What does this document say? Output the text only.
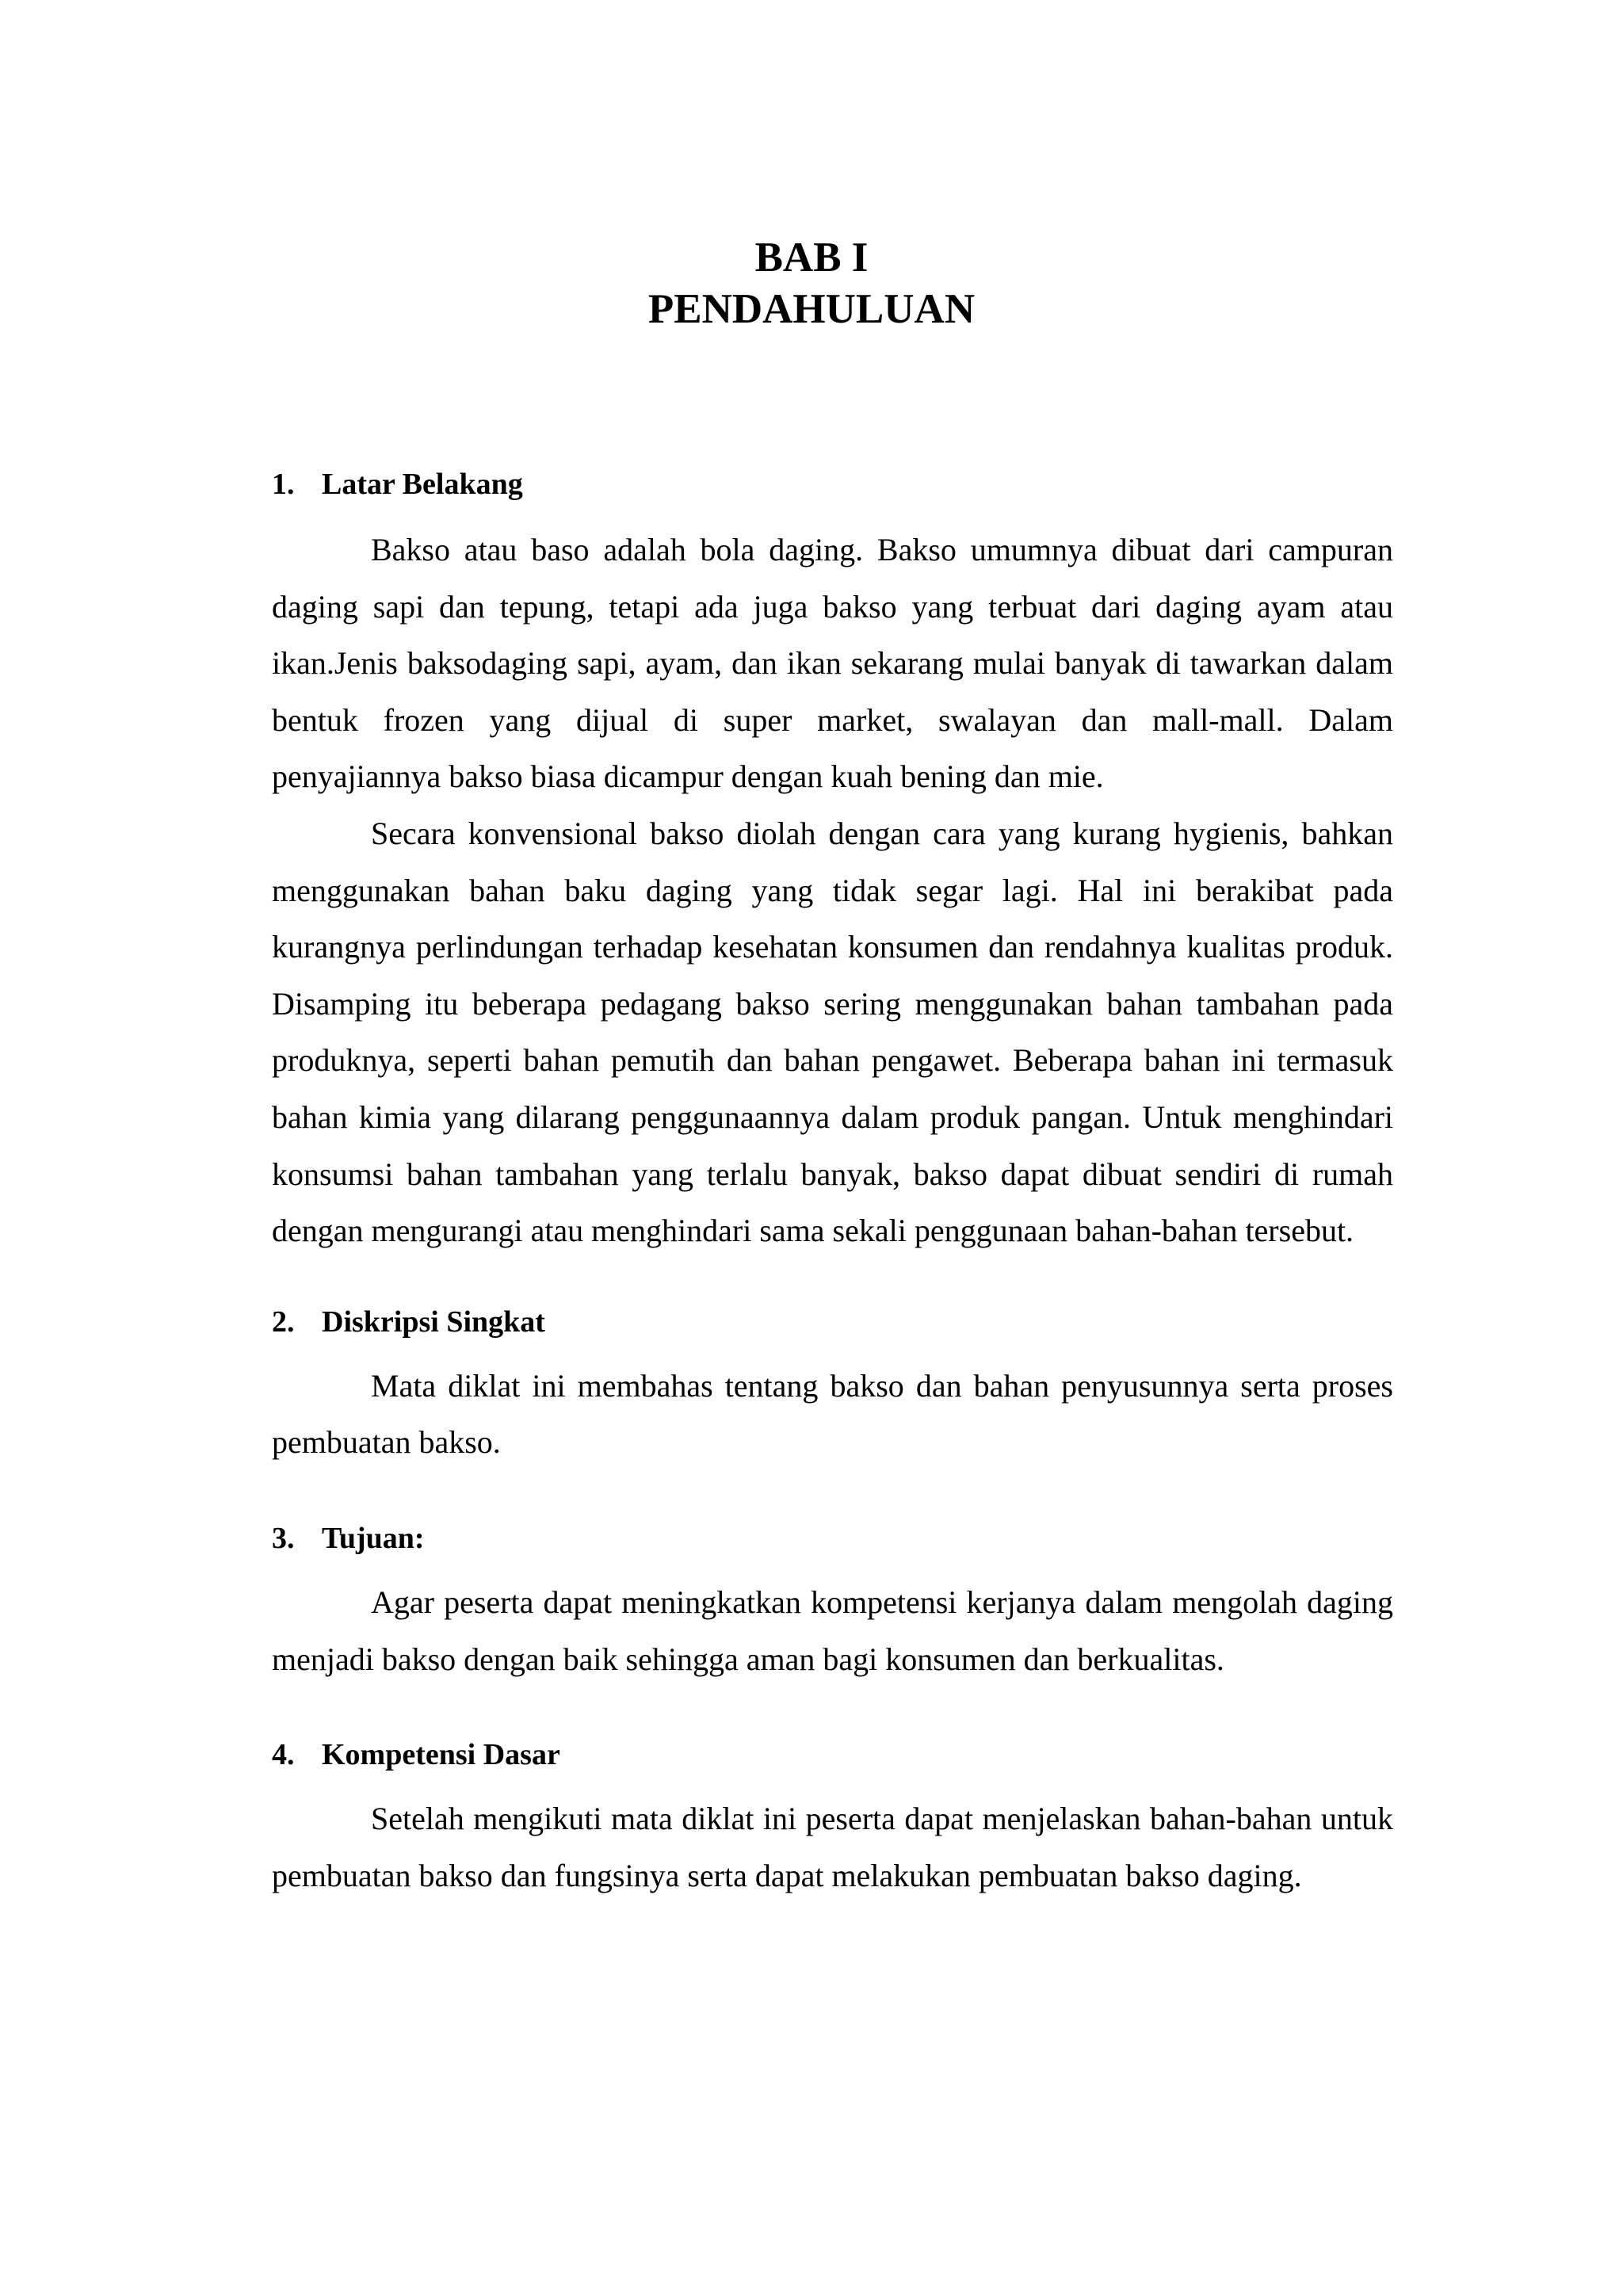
BAB I
PENDAHULUAN
1. Latar Belakang

Bakso atau baso adalah bola daging. Bakso umumnya dibuat dari campuran daging sapi dan tepung, tetapi ada juga bakso yang terbuat dari daging ayam atau ikan.Jenis baksodaging sapi, ayam, dan ikan sekarang mulai banyak di tawarkan dalam bentuk frozen yang dijual di super market, swalayan dan mall-mall. Dalam penyajiannya bakso biasa dicampur dengan kuah bening dan mie.

Secara konvensional bakso diolah dengan cara yang kurang hygienis, bahkan menggunakan bahan baku daging yang tidak segar lagi. Hal ini berakibat pada kurangnya perlindungan terhadap kesehatan konsumen dan rendahnya kualitas produk. Disamping itu beberapa pedagang bakso sering menggunakan bahan tambahan pada produknya, seperti bahan pemutih dan bahan pengawet. Beberapa bahan ini termasuk bahan kimia yang dilarang penggunaannya dalam produk pangan. Untuk menghindari konsumsi bahan tambahan yang terlalu banyak, bakso dapat dibuat sendiri di rumah dengan mengurangi atau menghindari sama sekali penggunaan bahan-bahan tersebut.

2. Diskripsi Singkat

Mata diklat ini membahas tentang bakso dan bahan penyusunnya serta proses pembuatan bakso.

3. Tujuan:

Agar peserta dapat meningkatkan kompetensi kerjanya dalam mengolah daging menjadi bakso dengan baik sehingga aman bagi konsumen dan berkualitas.

4. Kompetensi Dasar

Setelah mengikuti mata diklat ini peserta dapat menjelaskan bahan-bahan untuk pembuatan bakso dan fungsinya serta dapat melakukan pembuatan bakso daging.
